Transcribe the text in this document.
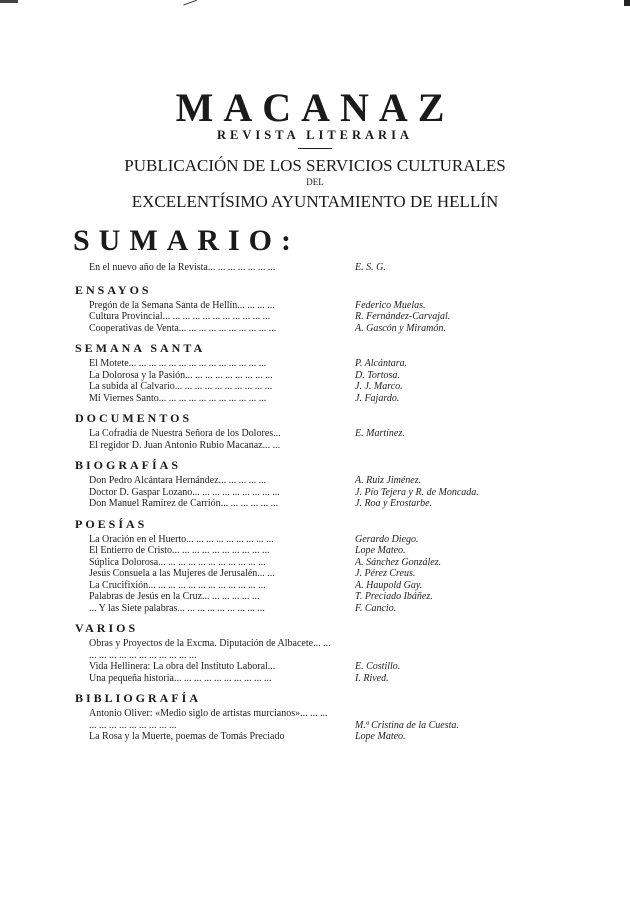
MACANAZ
REVISTA LITERARIA
PUBLICACIÓN DE LOS SERVICIOS CULTURALES
DEL
EXCELENTÍSIMO AYUNTAMIENTO DE HELLÍN
SUMARIO:
En el nuevo año de la Revista... ... ... ... ... ... ...	E. S. G.
ENSAYOS
Pregón de la Semana Santa de Hellín... ... ... ...	Federico Muelas.
Cultura Provincial... ... ... ... ... ... ... ... ... ... ...	R. Fernández-Carvajal.
Cooperativas de Venta... ... ... ... ... ... ... ... ... ...	A. Gascón y Miramón.
SEMANA SANTA
El Motete... ... ... ... ... ... ... ... ... ... ... ... ... ...	P. Alcántara.
La Dolorosa y la Pasión... ... ... ... ... ... ... ... ...	D. Tortosa.
La subida al Calvario... ... ... ... ... ... ... ... ... ...	J. J. Marco.
Mi Viernes Santo... ... ... ... ... ... ... ... ... ... ...	J. Fajardo.
DOCUMENTOS
La Cofradía de Nuestra Señora de los Dolores...	E. Martínez.
El regidor D. Juan Antonio Rubio Macanaz... ...
BIOGRAFÍAS
Don Pedro Alcántara Hernández... ... ... ... ...	A. Ruiz Jiménez.
Doctor D. Gaspar Lozano... ... ... ... ... ... ... ... ...	J. Pío Tejera y R. de Moncada.
Don Manuel Ramírez de Carrión... ... ... ... ... ...	J. Roa y Erostarbe.
POESÍAS
La Oración en el Huerto... ... ... ... ... ... ... ... ...	Gerardo Diego.
El Entierro de Cristo... ... ... ... ... ... ... ... ... ...	Lope Mateo.
Súplica Dolorosa... ... ... ... ... ... ... ... ... ... ...	A. Sánchez González.
Jesús Consuela a las Mujeres de Jerusalén... ...	J. Pérez Creus.
La Crucifixión... ... ... ... ... ... ... ... ... ... ... ...	A. Haupold Gay.
Palabras de Jesús en la Cruz... ... ... ... ... ...	T. Preciado Ibáñez.
... Y las Siete palabras... ... ... ... ... ... ... ... ...	F. Cancio.
VARIOS
Obras y Proyectos de la Excma. Diputación de Albacete... ... ... ... ... ... ... ... ... ... ... ... ...
Vida Hellinera: La obra del Instituto Laboral...	E. Costillo.
Una pequeña historia... ... ... ... ... ... ... ... ... ...	I. Rived.
BIBLIOGRAFÍA
Antonio Oliver: «Medio siglo de artistas murcianos»... ... ... ... ... ... ... ... ... ... ... ...	M.ª Cristina de la Cuesta.
La Rosa y la Muerte, poemas de Tomás Preciado	Lope Mateo.
